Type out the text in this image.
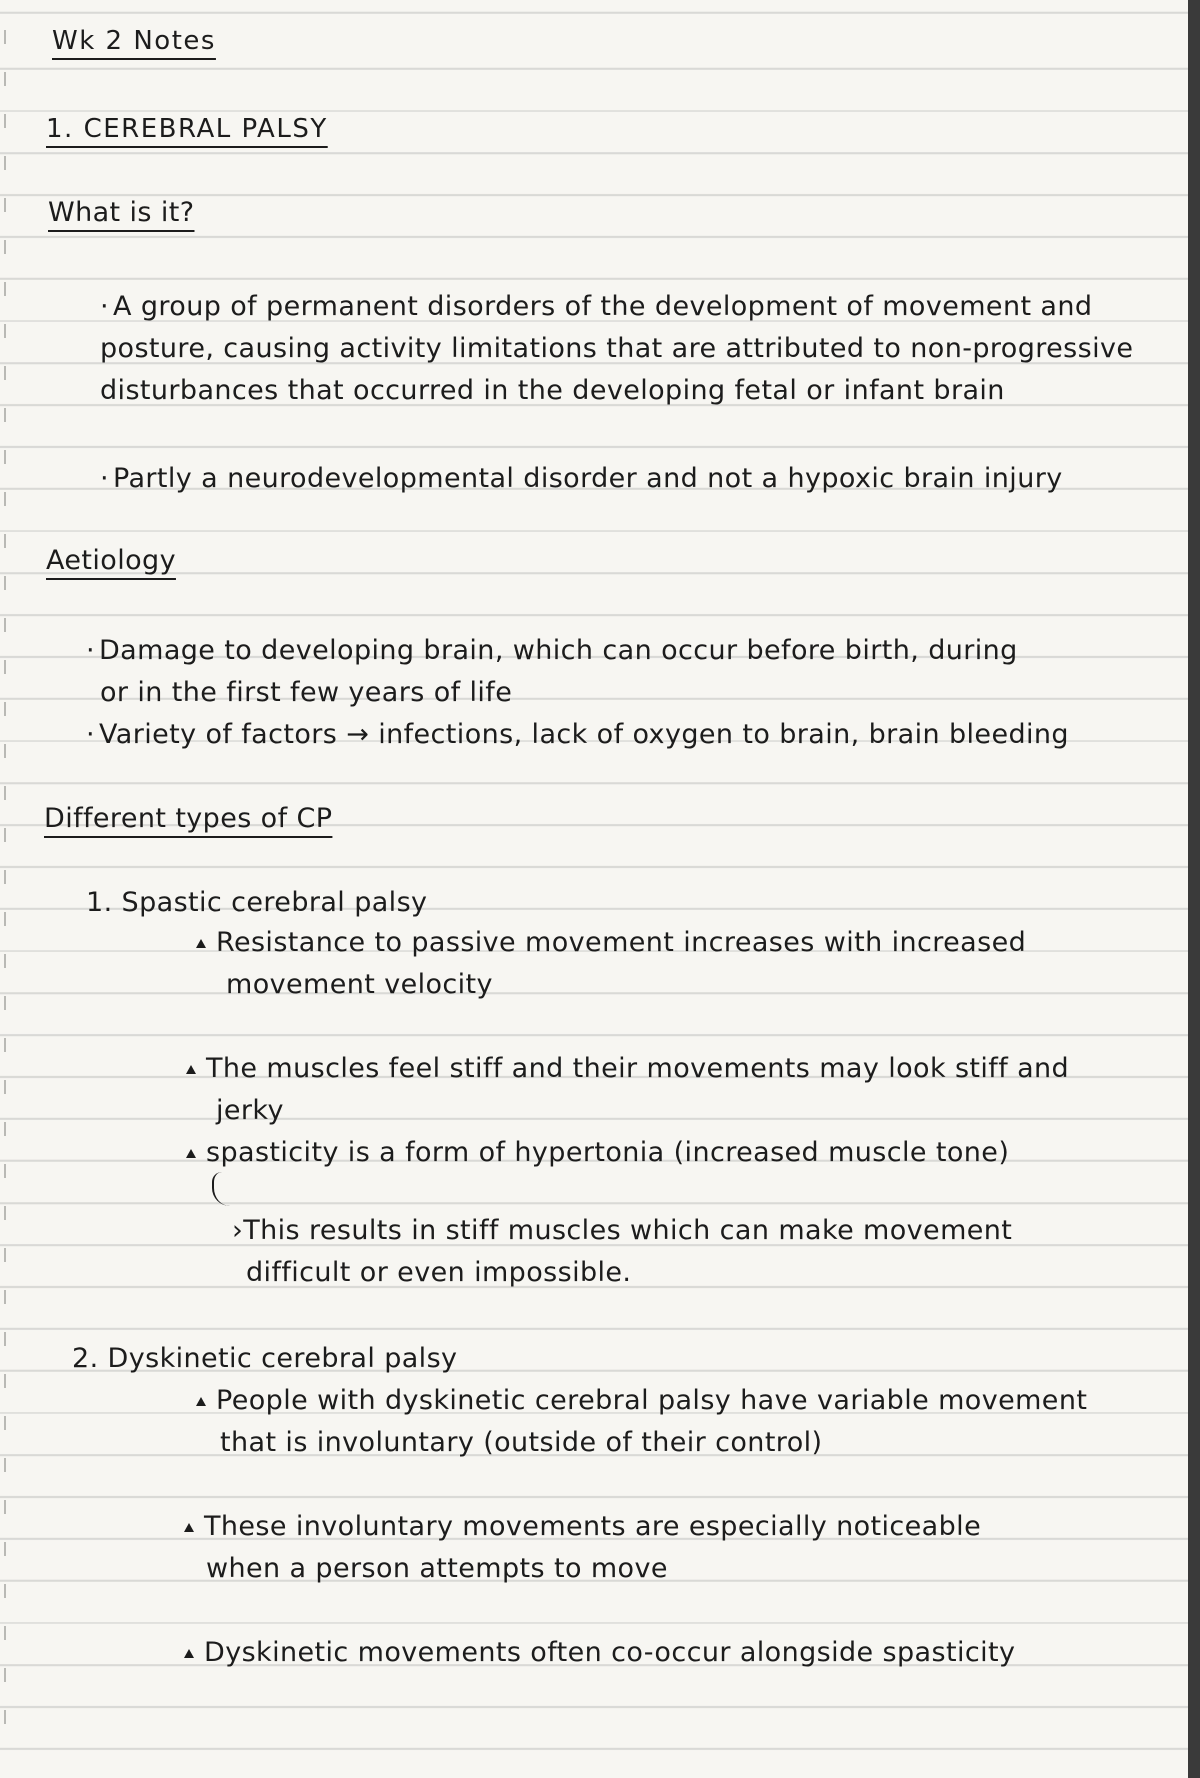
Wk 2 Notes
1. CEREBRAL PALSY
What is it?
· A group of permanent disorders of the development of movement and posture, causing activity limitations that are attributed to non-progressive disturbances that occurred in the developing fetal or infant brain
· Partly a neurodevelopmental disorder and not a hypoxic brain injury
Aetiology
· Damage to developing brain, which can occur before birth, during
or in the first few years of life
· Variety of factors → infections, lack of oxygen to brain, brain bleeding
Different types of CP
1. Spastic cerebral palsy
Resistance to passive movement increases with increased
movement velocity
The muscles feel stiff and their movements may look stiff and
jerky
spasticity is a form of hypertonia (increased muscle tone)
›This results in stiff muscles which can make movement
difficult or even impossible.
2. Dyskinetic cerebral palsy
People with dyskinetic cerebral palsy have variable movement
that is involuntary (outside of their control)
These involuntary movements are especially noticeable
when a person attempts to move
Dyskinetic movements often co-occur alongside spasticity
